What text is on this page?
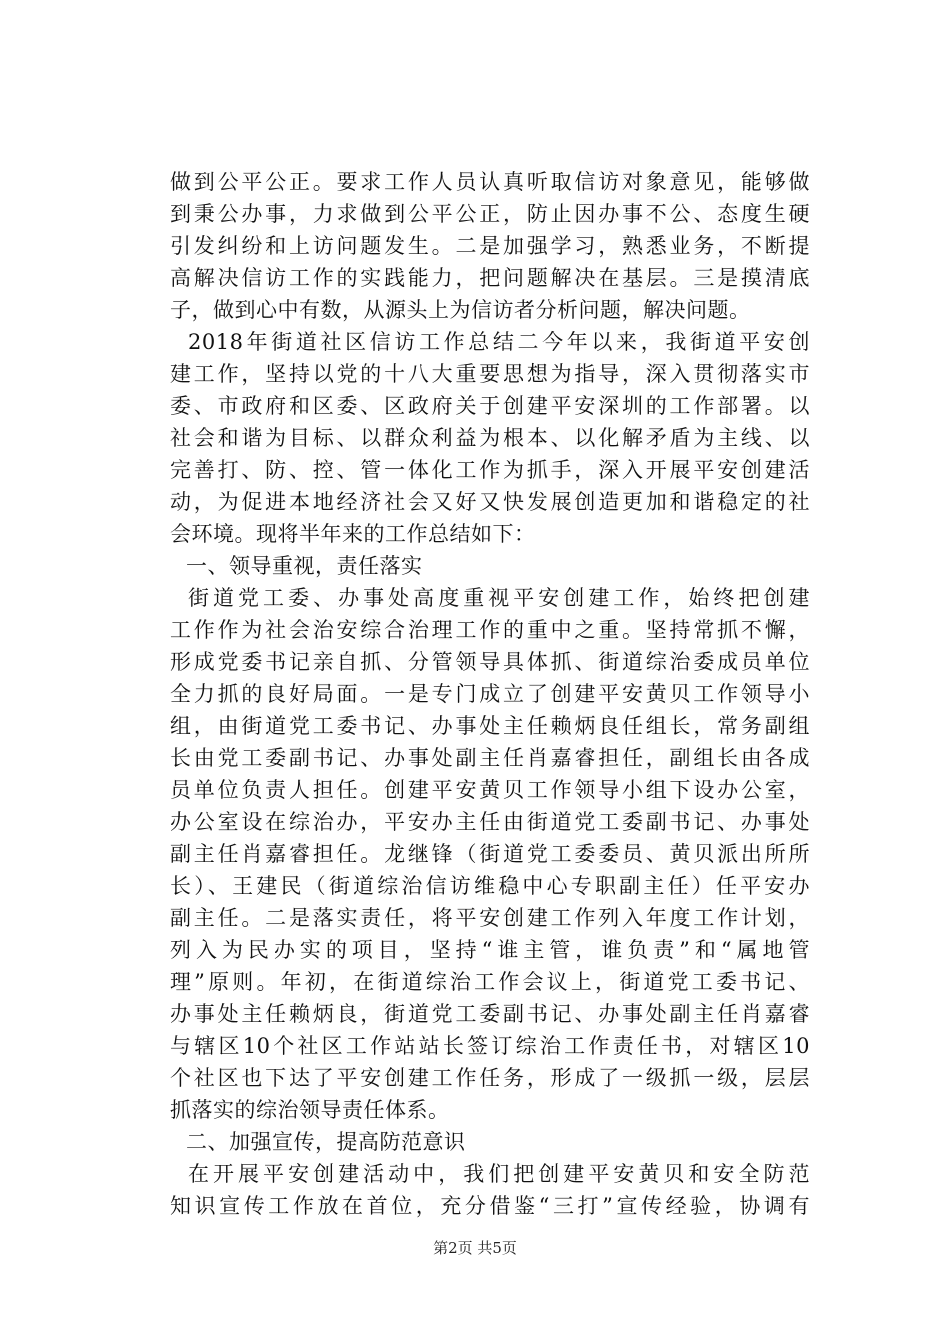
做到公平公正。要求工作人员认真听取信访对象意见，能够做
到秉公办事，力求做到公平公正，防止因办事不公、态度生硬
引发纠纷和上访问题发生。二是加强学习，熟悉业务，不断提
高解决信访工作的实践能力，把问题解决在基层。三是摸清底
子，做到心中有数，从源头上为信访者分析问题，解决问题。
2018年街道社区信访工作总结二今年以来，我街道平安创
建工作，坚持以党的十八大重要思想为指导，深入贯彻落实市
委、市政府和区委、区政府关于创建平安深圳的工作部署。以
社会和谐为目标、以群众利益为根本、以化解矛盾为主线、以
完善打、防、控、管一体化工作为抓手，深入开展平安创建活
动，为促进本地经济社会又好又快发展创造更加和谐稳定的社
会环境。现将半年来的工作总结如下：
一、领导重视，责任落实
街道党工委、办事处高度重视平安创建工作，始终把创建
工作作为社会治安综合治理工作的重中之重。坚持常抓不懈，
形成党委书记亲自抓、分管领导具体抓、街道综治委成员单位
全力抓的良好局面。一是专门成立了创建平安黄贝工作领导小
组，由街道党工委书记、办事处主任赖炳良任组长，常务副组
长由党工委副书记、办事处副主任肖嘉睿担任，副组长由各成
员单位负责人担任。创建平安黄贝工作领导小组下设办公室，
办公室设在综治办，平安办主任由街道党工委副书记、办事处
副主任肖嘉睿担任。龙继锋（街道党工委委员、黄贝派出所所
长）、王建民（街道综治信访维稳中心专职副主任）任平安办
副主任。二是落实责任，将平安创建工作列入年度工作计划，
列入为民办实的项目，坚持“谁主管，谁负责”和“属地管
理”原则。年初，在街道综治工作会议上，街道党工委书记、
办事处主任赖炳良，街道党工委副书记、办事处副主任肖嘉睿
与辖区10个社区工作站站长签订综治工作责任书，对辖区10
个社区也下达了平安创建工作任务，形成了一级抓一级，层层
抓落实的综治领导责任体系。
二、加强宣传，提高防范意识
在开展平安创建活动中，我们把创建平安黄贝和安全防范
知识宣传工作放在首位，充分借鉴“三打”宣传经验，协调有
第2页 共5页
